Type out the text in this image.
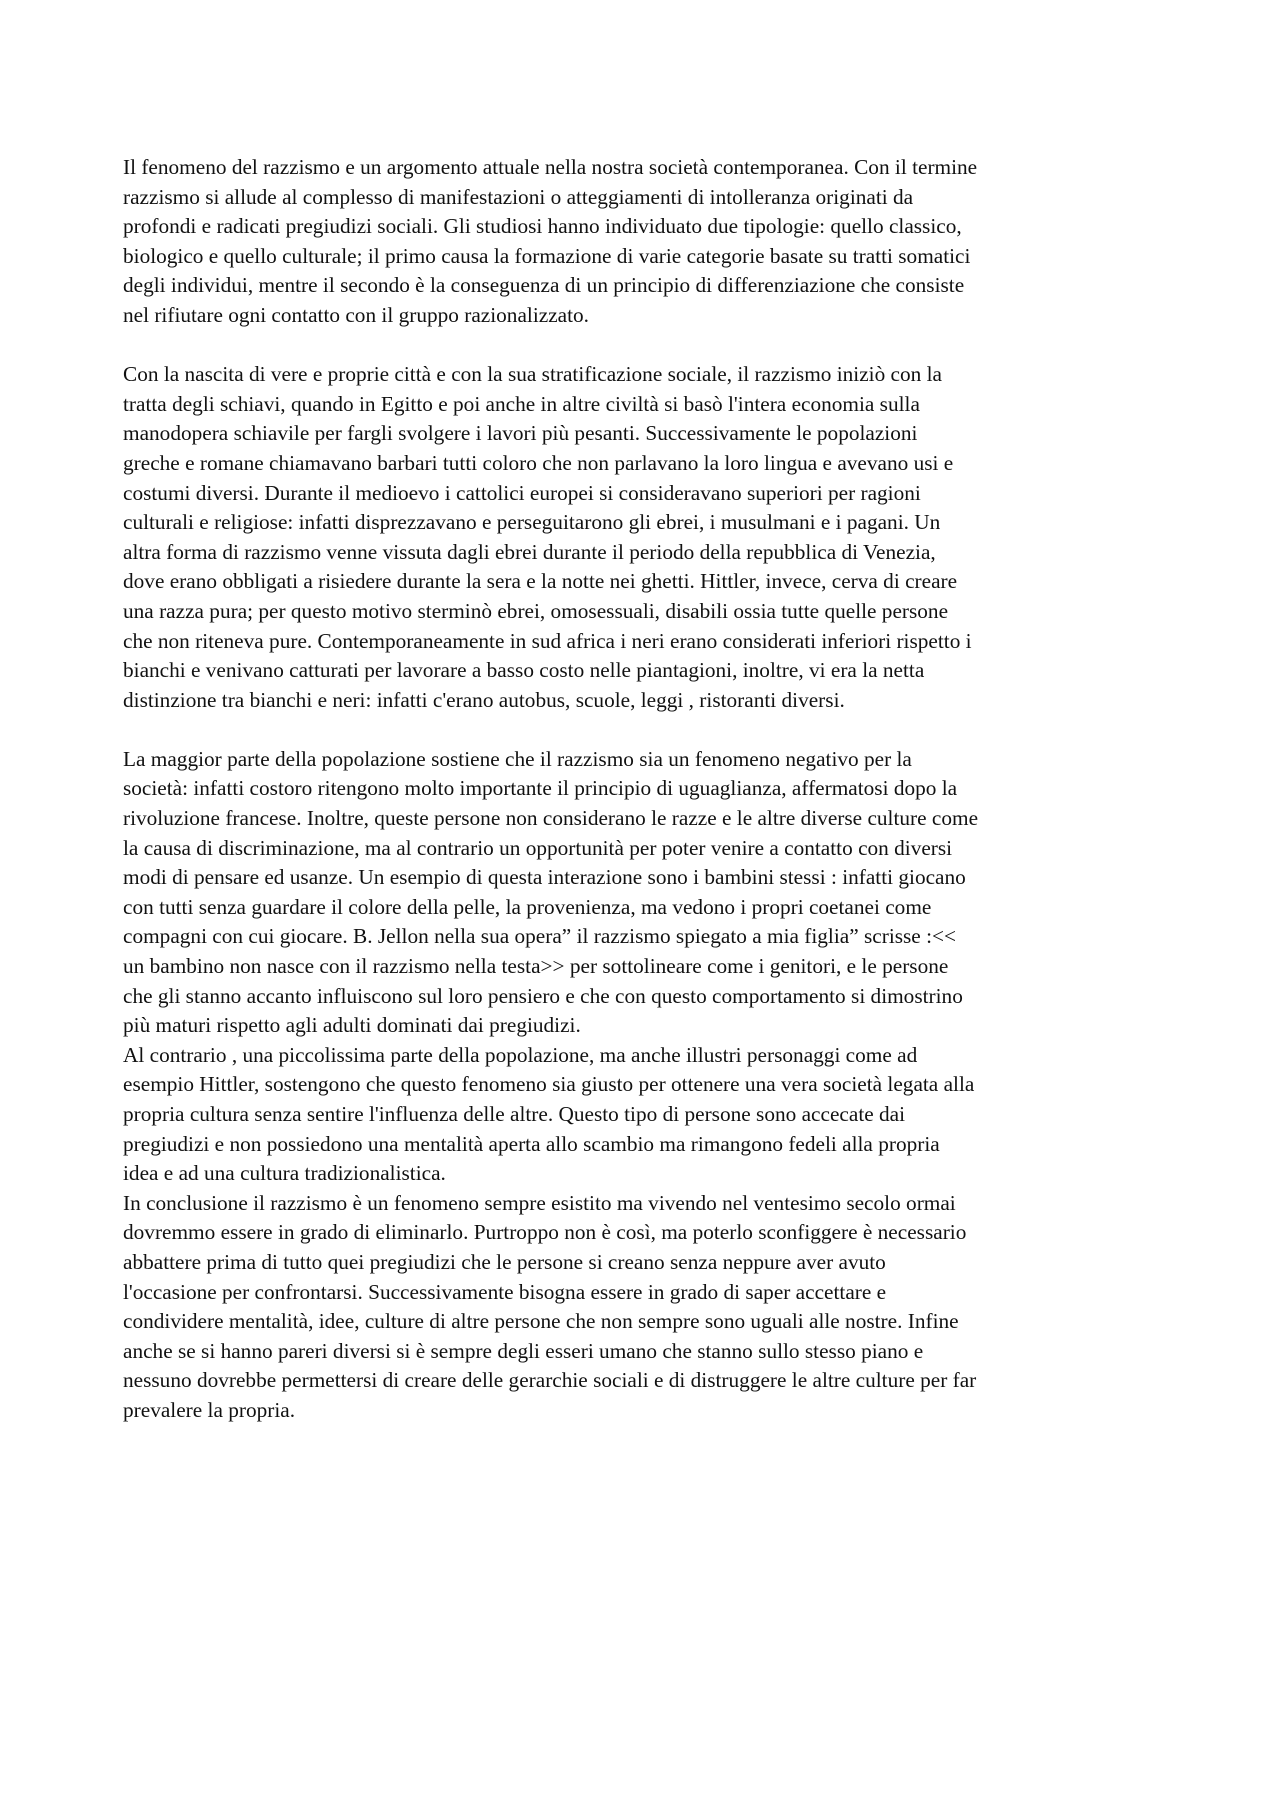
Il fenomeno del razzismo e un argomento attuale nella nostra società contemporanea. Con il termine
razzismo si allude al complesso di manifestazioni o atteggiamenti di intolleranza originati da
profondi e radicati pregiudizi sociali. Gli studiosi hanno individuato due tipologie: quello classico,
biologico e quello culturale; il primo causa la formazione di varie categorie basate su tratti somatici
degli individui, mentre il secondo è la conseguenza di un principio di differenziazione che consiste
nel rifiutare ogni contatto con il gruppo razionalizzato.

Con la nascita di vere e proprie città e con la sua stratificazione sociale, il razzismo iniziò con la
tratta degli schiavi, quando in Egitto e poi anche in altre civiltà si basò l'intera economia sulla
manodopera schiavile per fargli svolgere i lavori più pesanti. Successivamente le popolazioni
greche e romane chiamavano barbari tutti coloro che non parlavano la loro lingua e avevano usi e
costumi diversi. Durante il medioevo i cattolici europei si consideravano superiori per ragioni
culturali e religiose: infatti disprezzavano e perseguitarono gli ebrei, i musulmani e i pagani. Un
altra forma di razzismo venne vissuta dagli ebrei durante il periodo della repubblica di Venezia,
dove erano obbligati a risiedere durante la sera e la notte nei ghetti. Hittler, invece, cerva di creare
una razza pura; per questo motivo sterminò ebrei, omosessuali, disabili ossia tutte quelle persone
che non riteneva pure. Contemporaneamente in sud africa i neri erano considerati inferiori rispetto i
bianchi e venivano catturati per lavorare a basso costo nelle piantagioni, inoltre, vi era la netta
distinzione tra bianchi e neri: infatti c'erano autobus, scuole, leggi , ristoranti diversi.

La maggior parte della popolazione sostiene che il razzismo sia un fenomeno negativo per la
società: infatti costoro ritengono molto importante il principio di uguaglianza, affermatosi dopo la
rivoluzione francese. Inoltre, queste persone non considerano le razze e le altre diverse culture come
la causa di discriminazione, ma al contrario un opportunità per poter venire a contatto con diversi
modi di pensare ed usanze. Un esempio di questa interazione sono i bambini stessi : infatti giocano
con tutti senza guardare il colore della pelle, la provenienza, ma vedono i propri coetanei come
compagni con cui giocare. B. Jellon nella sua opera” il razzismo spiegato a mia figlia” scrisse :<<
un bambino non nasce con il razzismo nella testa>> per sottolineare come i genitori, e le persone
che gli stanno accanto influiscono sul loro pensiero e che con questo comportamento si dimostrino
più maturi rispetto agli adulti dominati dai pregiudizi.

Al contrario , una piccolissima parte della popolazione, ma anche illustri personaggi come ad
esempio Hittler, sostengono che questo fenomeno sia giusto per ottenere una vera società legata alla
propria cultura senza sentire l'influenza delle altre. Questo tipo di persone sono accecate dai
pregiudizi e non possiedono una mentalità aperta allo scambio ma rimangono fedeli alla propria
idea e ad una cultura tradizionalistica.

In conclusione il razzismo è un fenomeno sempre esistito ma vivendo nel ventesimo secolo ormai
dovremmo essere in grado di eliminarlo. Purtroppo non è così, ma poterlo sconfiggere è necessario
abbattere prima di tutto quei pregiudizi che le persone si creano senza neppure aver avuto
l'occasione per confrontarsi. Successivamente bisogna essere in grado di saper accettare e
condividere mentalità, idee, culture di altre persone che non sempre sono uguali alle nostre. Infine
anche se si hanno pareri diversi si è sempre degli esseri umano che stanno sullo stesso piano e
nessuno dovrebbe permettersi di creare delle gerarchie sociali e di distruggere le altre culture per far
prevalere la propria.
